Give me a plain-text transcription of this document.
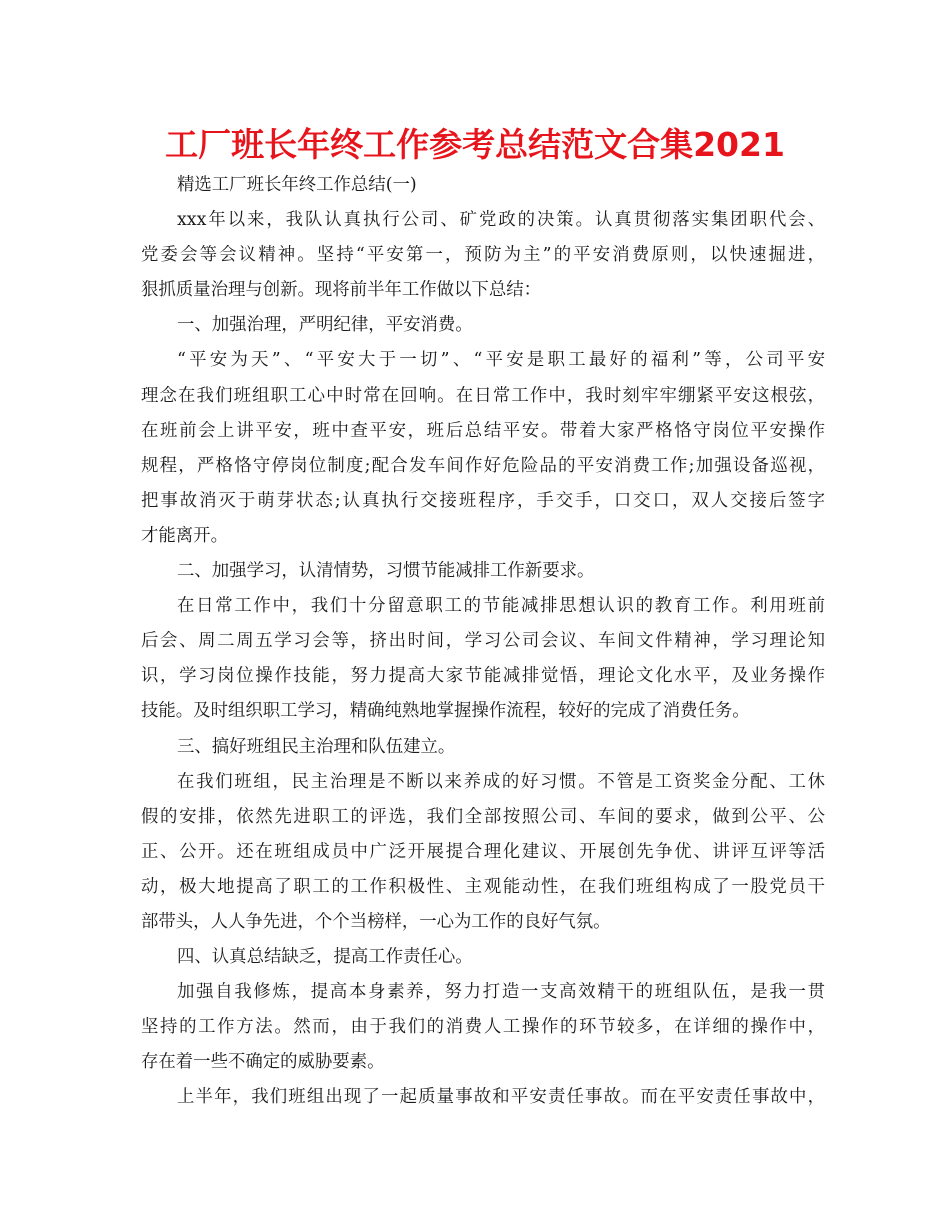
工厂班长年终工作参考总结范文合集2021
精选工厂班长年终工作总结(一)
xxx年以来，我队认真执行公司、矿党政的决策。认真贯彻落实集团职代会、
党委会等会议精神。坚持“平安第一，预防为主”的平安消费原则，以快速掘进，
狠抓质量治理与创新。现将前半年工作做以下总结：
一、加强治理，严明纪律，平安消费。
“平安为天”、“平安大于一切”、“平安是职工最好的福利”等，公司平安
理念在我们班组职工心中时常在回响。在日常工作中，我时刻牢牢绷紧平安这根弦，
在班前会上讲平安，班中查平安，班后总结平安。带着大家严格恪守岗位平安操作
规程，严格恪守停岗位制度;配合发车间作好危险品的平安消费工作;加强设备巡视，
把事故消灭于萌芽状态;认真执行交接班程序，手交手，口交口，双人交接后签字
才能离开。
二、加强学习，认清情势，习惯节能减排工作新要求。
在日常工作中，我们十分留意职工的节能减排思想认识的教育工作。利用班前
后会、周二周五学习会等，挤出时间，学习公司会议、车间文件精神，学习理论知
识，学习岗位操作技能，努力提高大家节能减排觉悟，理论文化水平，及业务操作
技能。及时组织职工学习，精确纯熟地掌握操作流程，较好的完成了消费任务。
三、搞好班组民主治理和队伍建立。
在我们班组，民主治理是不断以来养成的好习惯。不管是工资奖金分配、工休
假的安排，依然先进职工的评选，我们全部按照公司、车间的要求，做到公平、公
正、公开。还在班组成员中广泛开展提合理化建议、开展创先争优、讲评互评等活
动，极大地提高了职工的工作积极性、主观能动性，在我们班组构成了一股党员干
部带头，人人争先进，个个当榜样，一心为工作的良好气氛。
四、认真总结缺乏，提高工作责任心。
加强自我修炼，提高本身素养，努力打造一支高效精干的班组队伍，是我一贯
坚持的工作方法。然而，由于我们的消费人工操作的环节较多，在详细的操作中，
存在着一些不确定的威胁要素。
上半年，我们班组出现了一起质量事故和平安责任事故。而在平安责任事故中，
